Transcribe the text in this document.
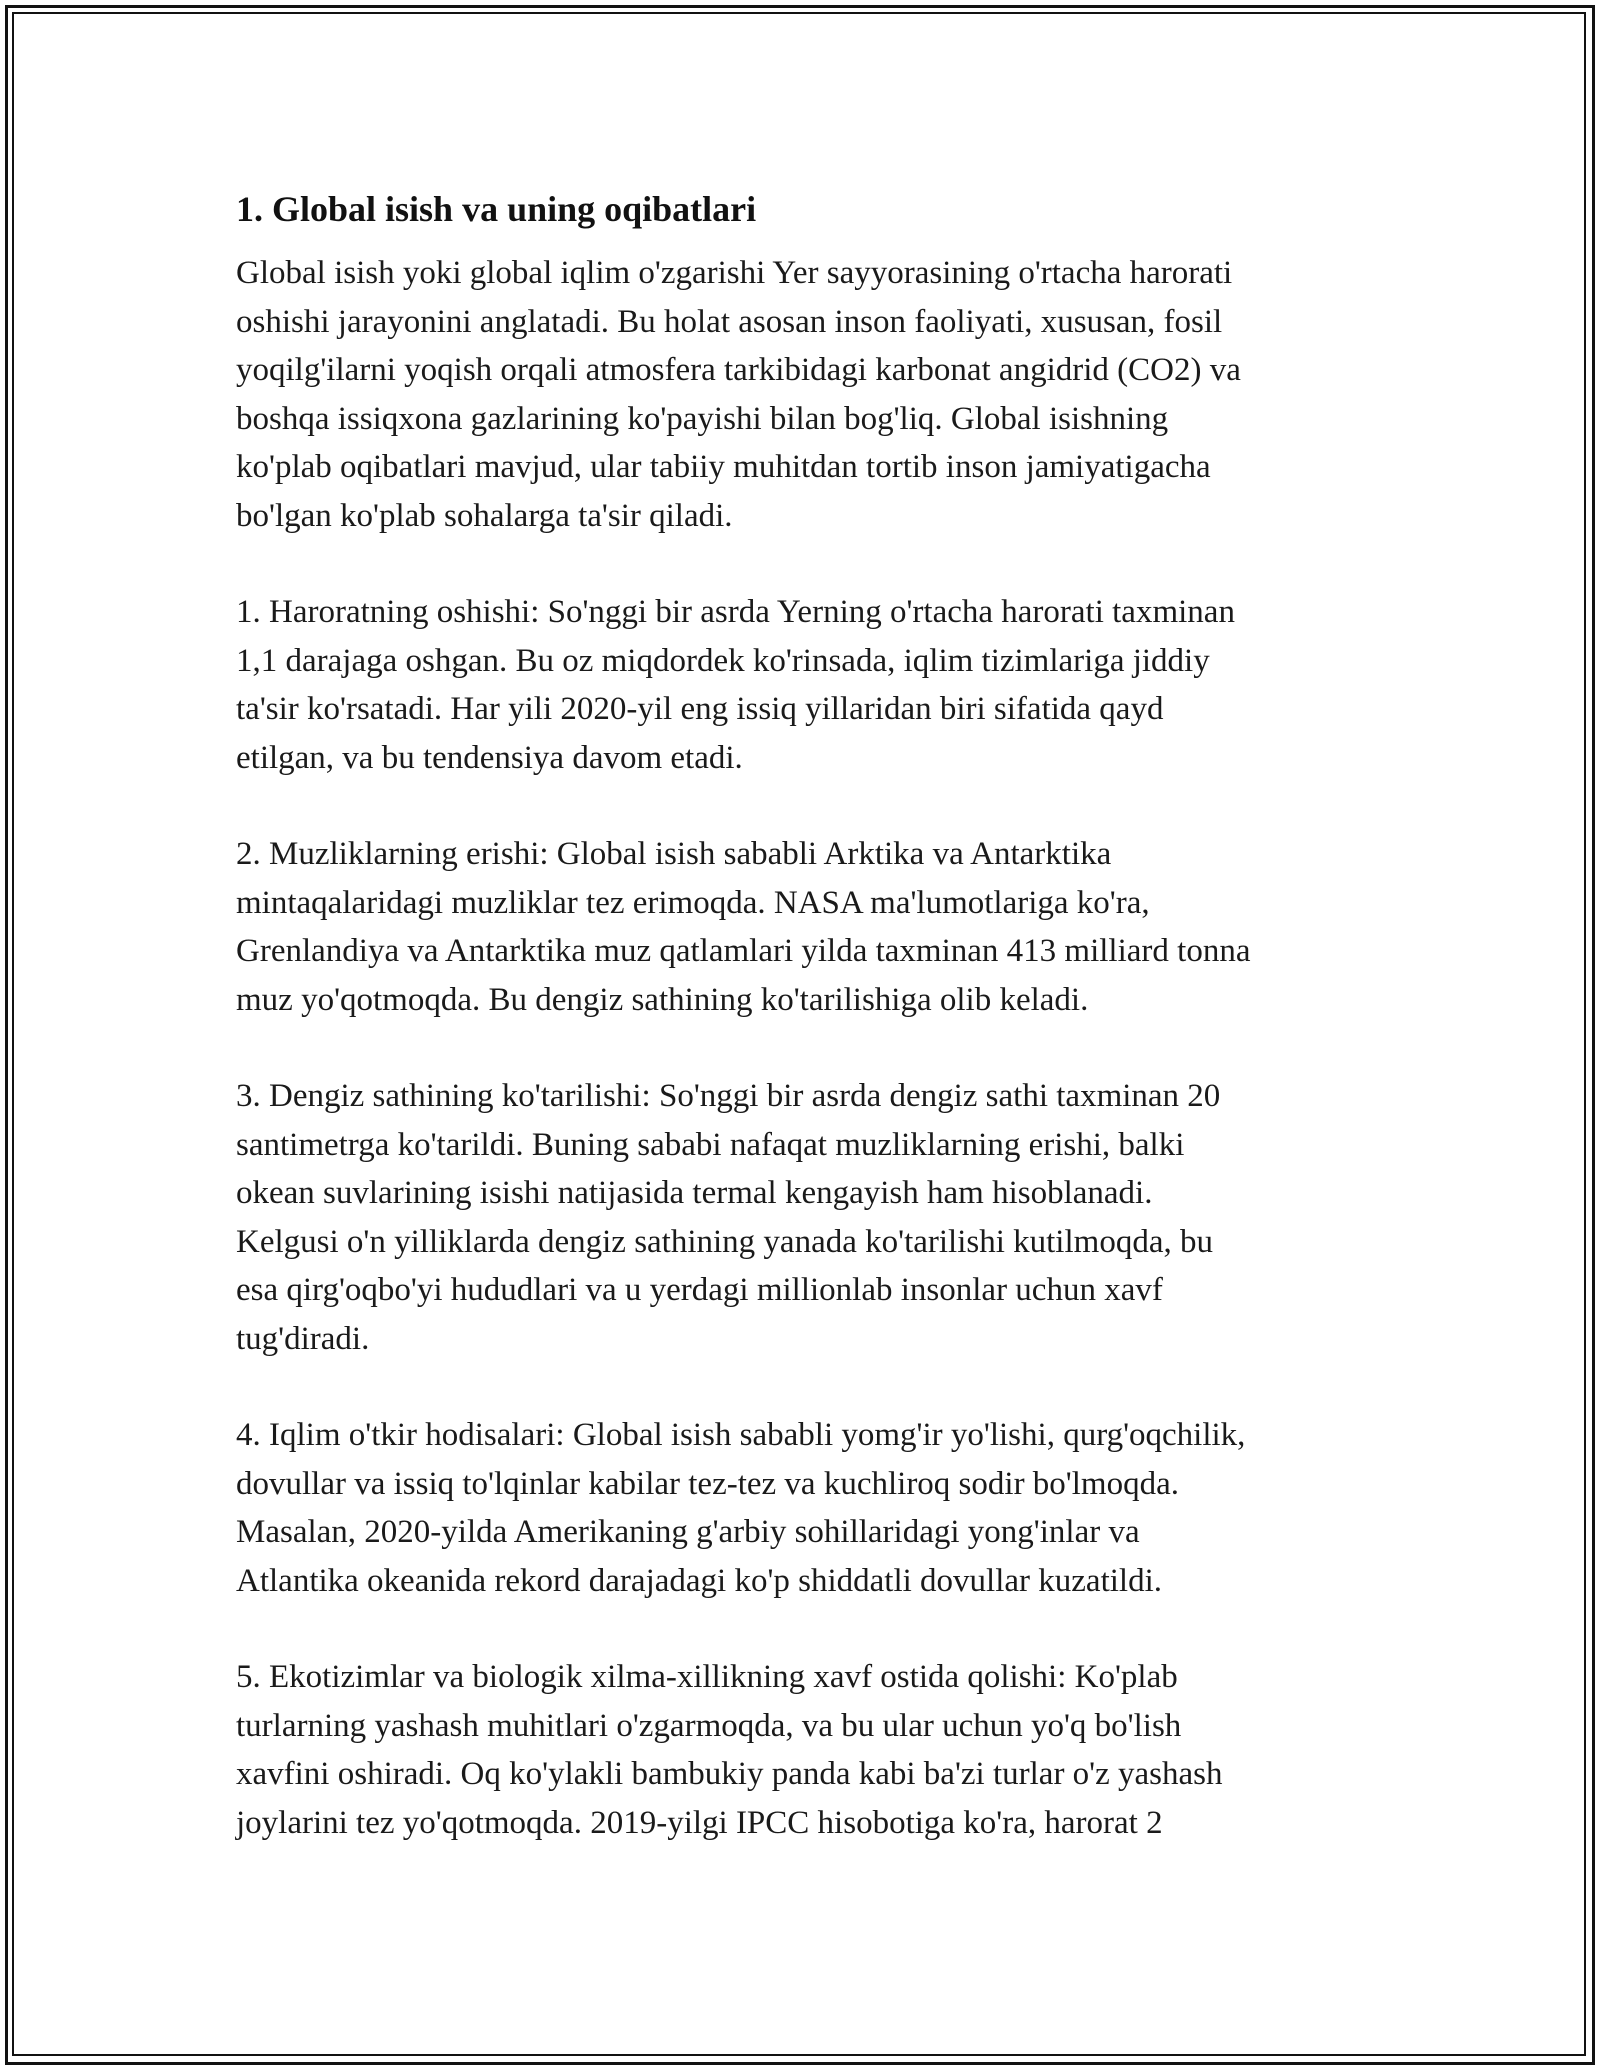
1. Global isish va uning oqibatlari

Global isish yoki global iqlim o'zgarishi Yer sayyorasining o'rtacha harorati
oshishi jarayonini anglatadi. Bu holat asosan inson faoliyati, xususan, fosil
yoqilg'ilarni yoqish orqali atmosfera tarkibidagi karbonat angidrid (CO2) va
boshqa issiqxona gazlarining ko'payishi bilan bog'liq. Global isishning
ko'plab oqibatlari mavjud, ular tabiiy muhitdan tortib inson jamiyatigacha
bo'lgan ko'plab sohalarga ta'sir qiladi.

1. Haroratning oshishi: So'nggi bir asrda Yerning o'rtacha harorati taxminan
1,1 darajaga oshgan. Bu oz miqdordek ko'rinsada, iqlim tizimlariga jiddiy
ta'sir ko'rsatadi. Har yili 2020-yil eng issiq yillaridan biri sifatida qayd
etilgan, va bu tendensiya davom etadi.

2. Muzliklarning erishi: Global isish sababli Arktika va Antarktika
mintaqalaridagi muzliklar tez erimoqda. NASA ma'lumotlariga ko'ra,
Grenlandiya va Antarktika muz qatlamlari yilda taxminan 413 milliard tonna
muz yo'qotmoqda. Bu dengiz sathining ko'tarilishiga olib keladi.

3. Dengiz sathining ko'tarilishi: So'nggi bir asrda dengiz sathi taxminan 20
santimetrga ko'tarildi. Buning sababi nafaqat muzliklarning erishi, balki
okean suvlarining isishi natijasida termal kengayish ham hisoblanadi.
Kelgusi o'n yilliklarda dengiz sathining yanada ko'tarilishi kutilmoqda, bu
esa qirg'oqbo'yi hududlari va u yerdagi millionlab insonlar uchun xavf
tug'diradi.

4. Iqlim o'tkir hodisalari: Global isish sababli yomg'ir yo'lishi, qurg'oqchilik,
dovullar va issiq to'lqinlar kabilar tez-tez va kuchliroq sodir bo'lmoqda.
Masalan, 2020-yilda Amerikaning g'arbiy sohillaridagi yong'inlar va
Atlantika okeanida rekord darajadagi ko'p shiddatli dovullar kuzatildi.

5. Ekotizimlar va biologik xilma-xillikning xavf ostida qolishi: Ko'plab
turlarning yashash muhitlari o'zgarmoqda, va bu ular uchun yo'q bo'lish
xavfini oshiradi. Oq ko'ylakli bambukiy panda kabi ba'zi turlar o'z yashash
joylarini tez yo'qotmoqda. 2019-yilgi IPCC hisobotiga ko'ra, harorat 2
